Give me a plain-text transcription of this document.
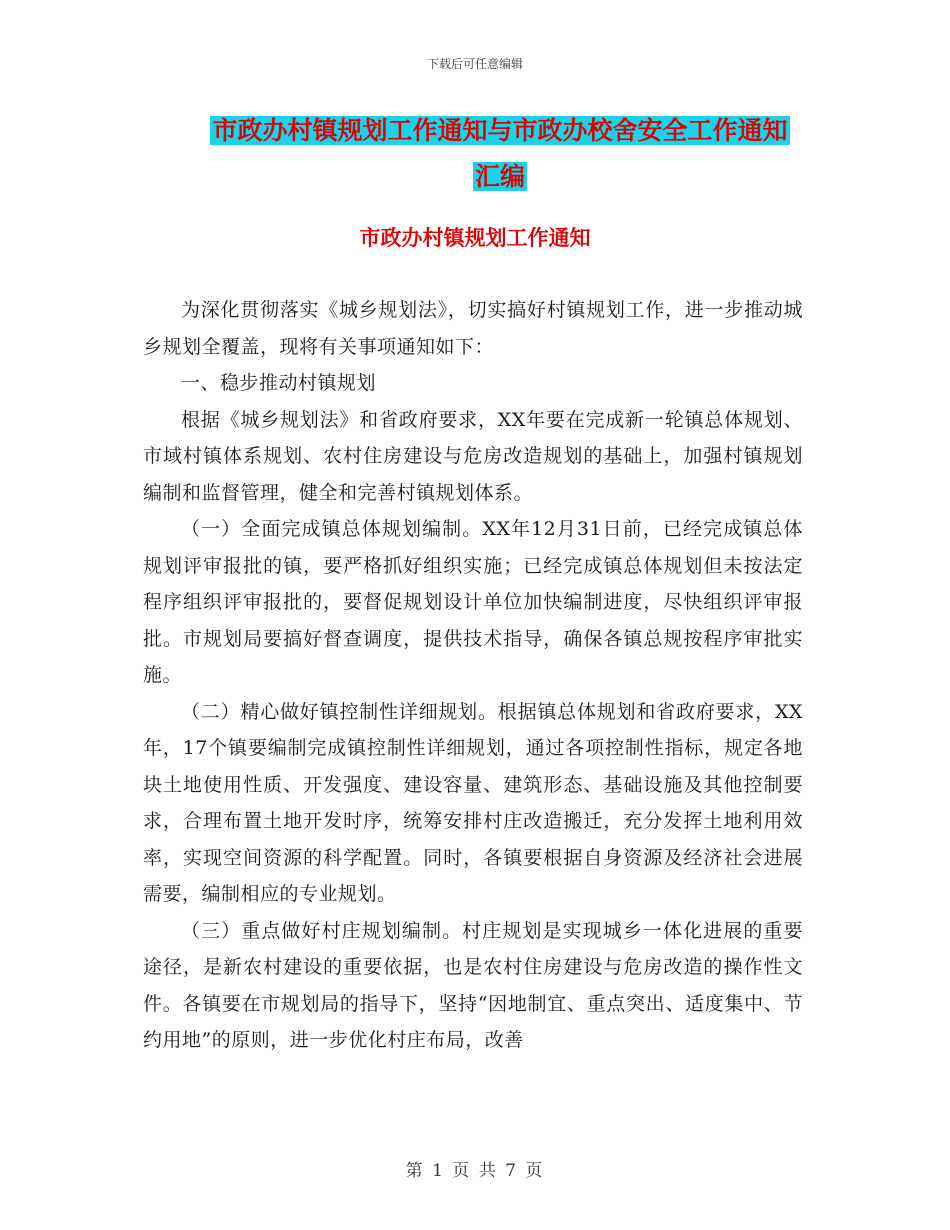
下载后可任意编辑
市政办村镇规划工作通知与市政办校舍安全工作通知
汇编
市政办村镇规划工作通知

为深化贯彻落实《城乡规划法》，切实搞好村镇规划工作，进一步推动城乡规划全覆盖，现将有关事项通知如下：

一、稳步推动村镇规划

根据《城乡规划法》和省政府要求，XX年要在完成新一轮镇总体规划、市域村镇体系规划、农村住房建设与危房改造规划的基础上，加强村镇规划编制和监督管理，健全和完善村镇规划体系。

（一）全面完成镇总体规划编制。XX年12月31日前，已经完成镇总体规划评审报批的镇，要严格抓好组织实施；已经完成镇总体规划但未按法定程序组织评审报批的，要督促规划设计单位加快编制进度，尽快组织评审报批。市规划局要搞好督查调度，提供技术指导，确保各镇总规按程序审批实施。

（二）精心做好镇控制性详细规划。根据镇总体规划和省政府要求，XX年，17个镇要编制完成镇控制性详细规划，通过各项控制性指标，规定各地块土地使用性质、开发强度、建设容量、建筑形态、基础设施及其他控制要求，合理布置土地开发时序，统筹安排村庄改造搬迁，充分发挥土地利用效率，实现空间资源的科学配置。同时，各镇要根据自身资源及经济社会进展需要，编制相应的专业规划。

（三）重点做好村庄规划编制。村庄规划是实现城乡一体化进展的重要途径，是新农村建设的重要依据，也是农村住房建设与危房改造的操作性文件。各镇要在市规划局的指导下，坚持“因地制宜、重点突出、适度集中、节约用地”的原则，进一步优化村庄布局，改善

第 1 页 共 7 页
